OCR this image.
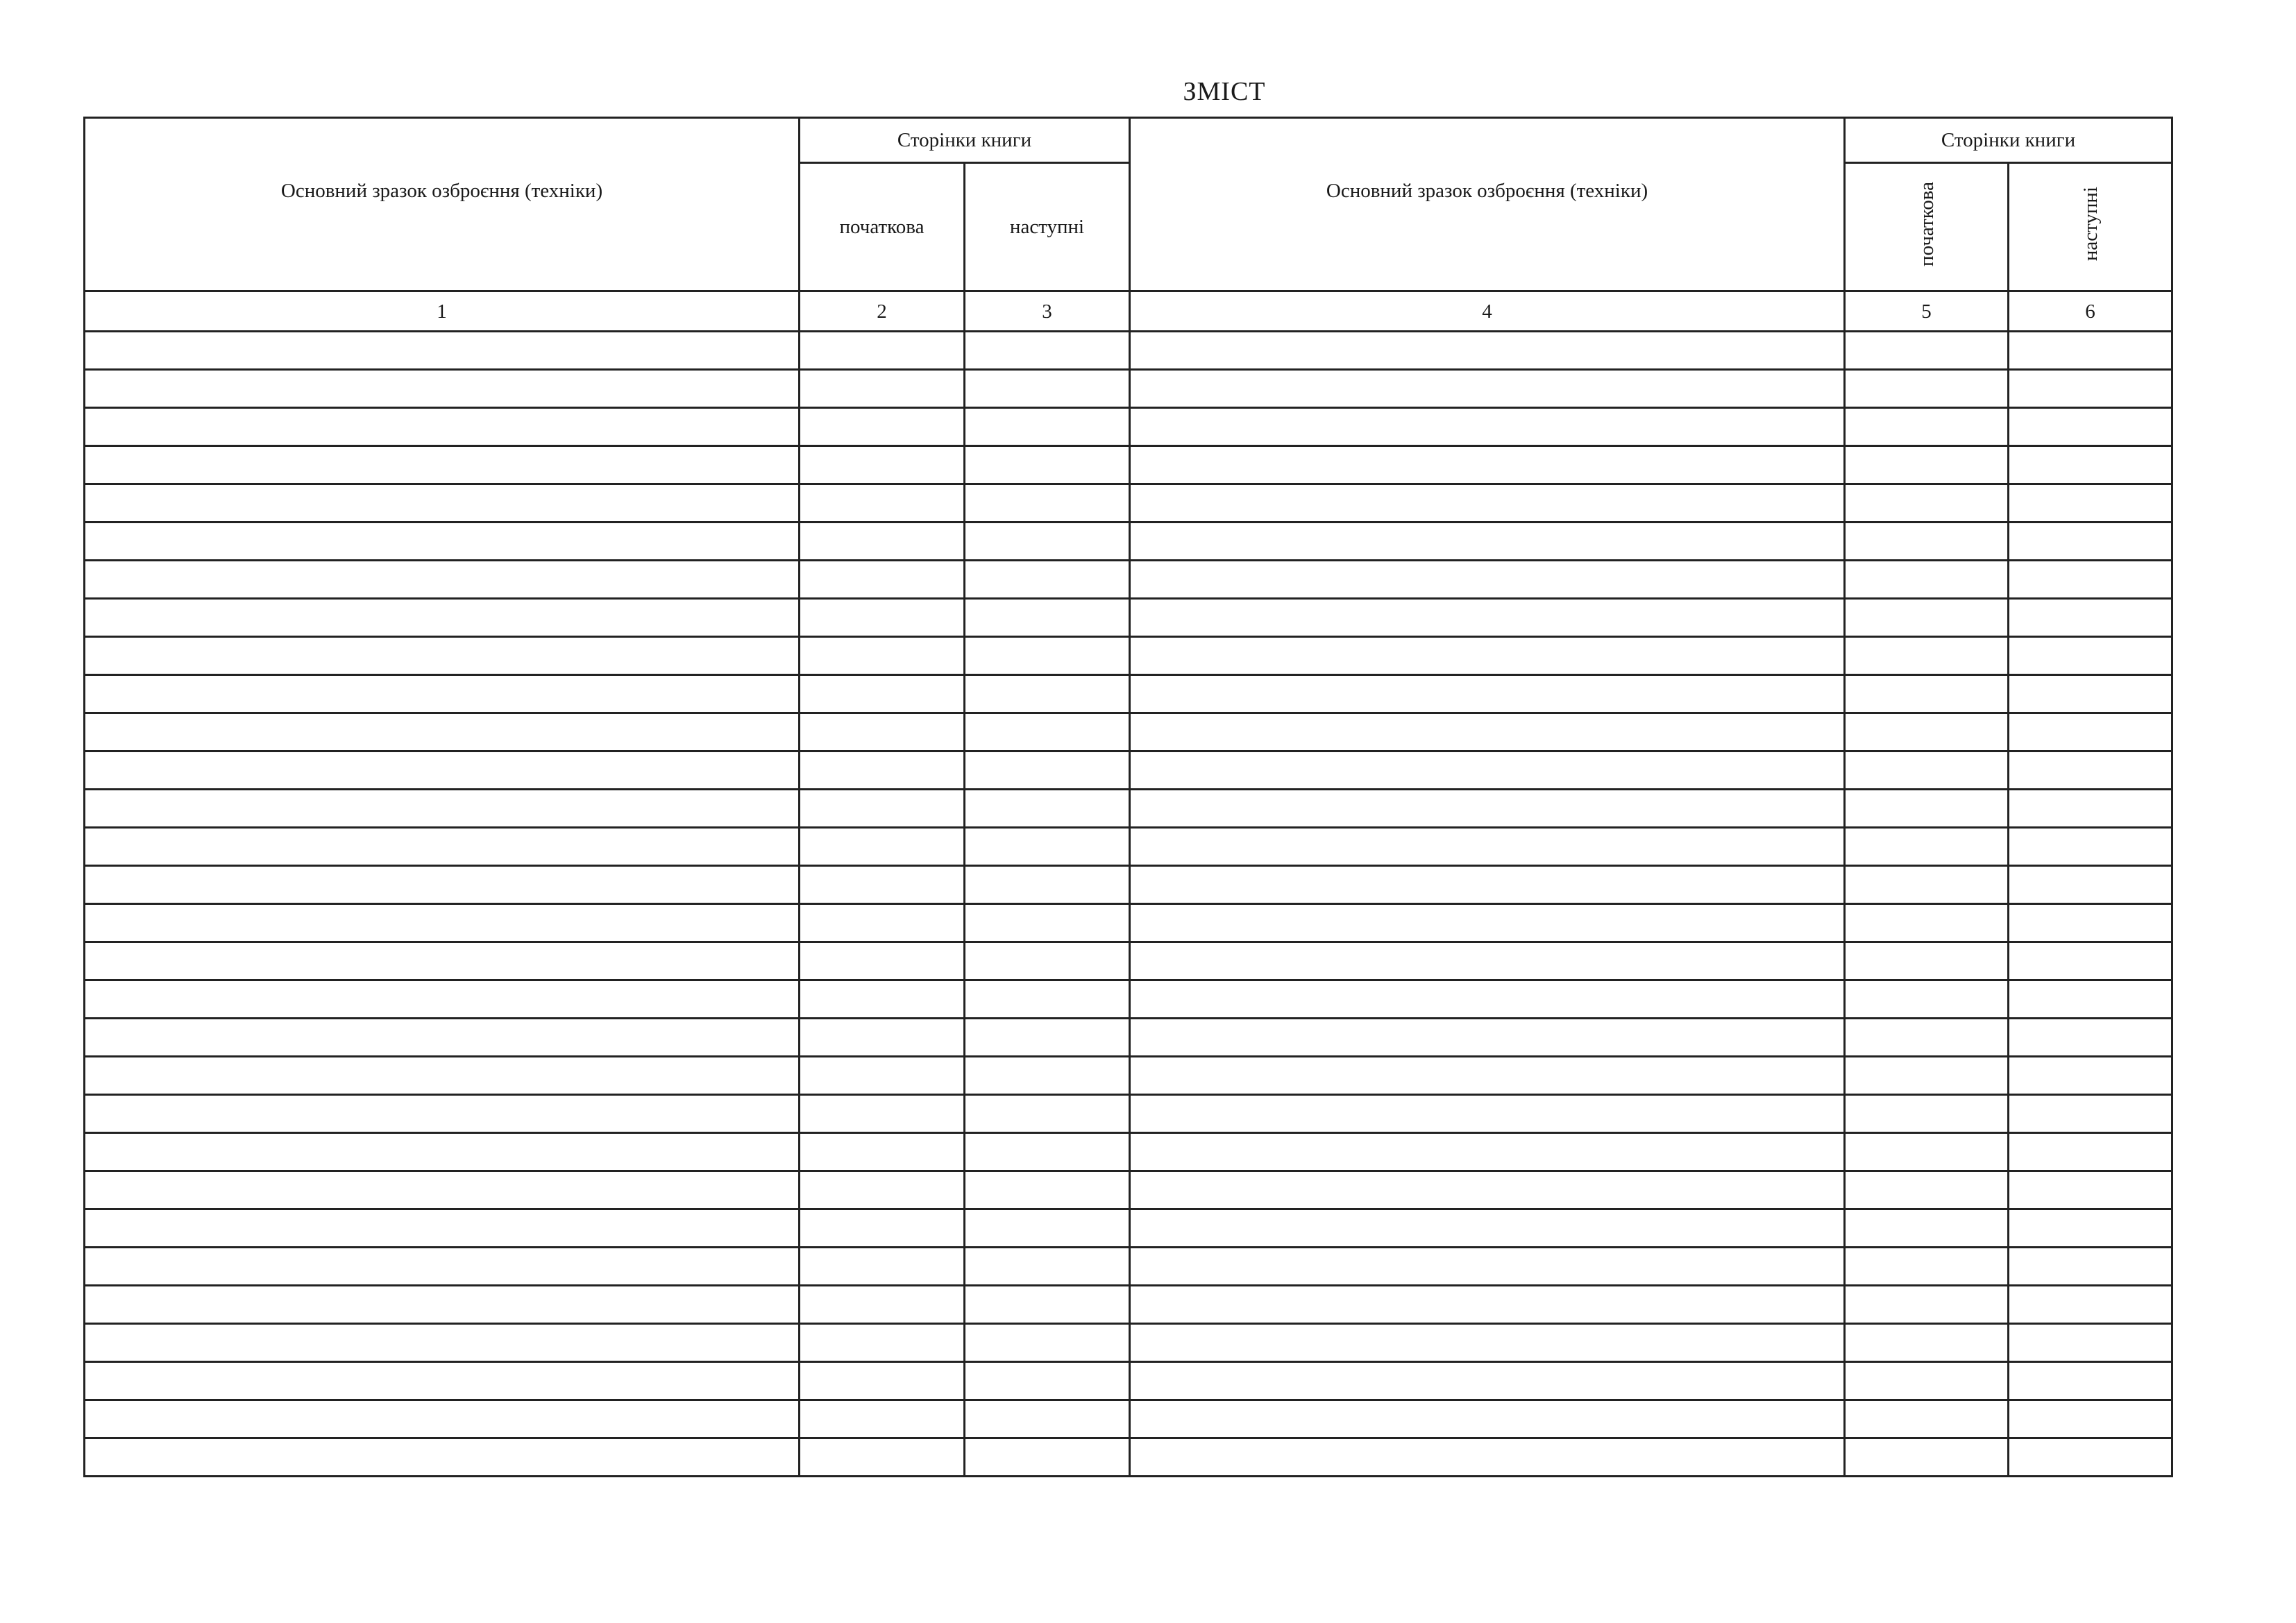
ЗМІСТ
Основний зразок озброєння (техніки)	Сторінки книги		Основний зразок озброєння (техніки)	Сторінки книги	
	початкова	наступні		початкова	наступні
1	2	3	4	5	6
